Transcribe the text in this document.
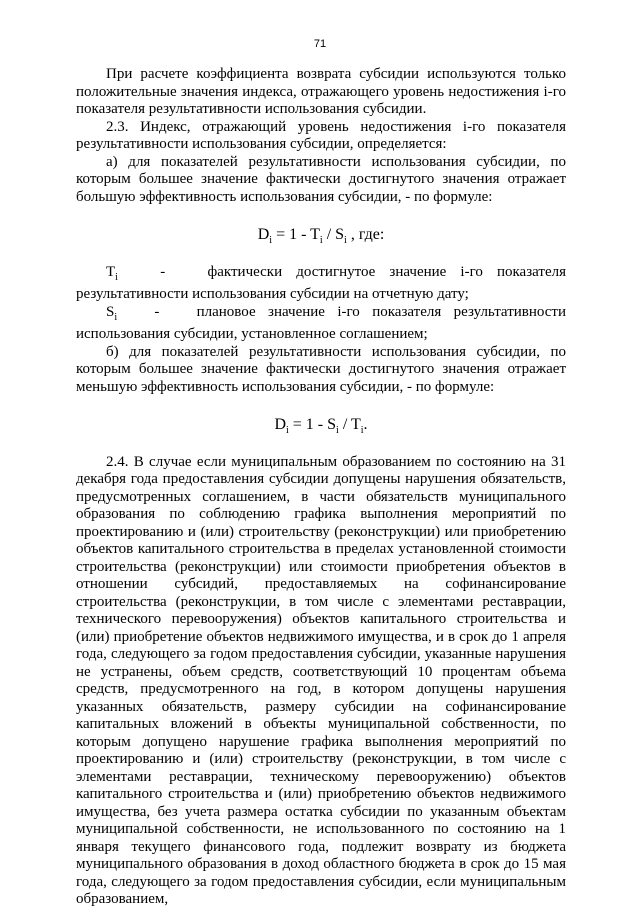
71

При расчете коэффициента возврата субсидии используются только положительные значения индекса, отражающего уровень недостижения i-го показателя результативности использования субсидии.

2.3. Индекс, отражающий уровень недостижения i-го показателя результативности использования субсидии, определяется:

а) для показателей результативности использования субсидии, по которым большее значение фактически достигнутого значения отражает большую эффективность использования субсидии, - по формуле:

$D_i = 1 - T_i / S_i$ , где:

$T_i$	-	фактически достигнутое значение i-го показателя

результативности использования субсидии на отчетную дату;

$S_i$ - плановое значение i-го показателя результативности

использования субсидии, установленное соглашением;

б) для показателей результативности использования субсидии, по которым большее значение фактически достигнутого значения отражает меньшую эффективность использования субсидии, - по формуле:

$D_i = 1 - S_i / T_i$.

2.4. В случае если муниципальным образованием по состоянию на 31 декабря года предоставления субсидии допущены нарушения обязательств, предусмотренных соглашением, в части обязательств муниципального образования по соблюдению графика выполнения мероприятий по проектированию и (или) строительству (реконструкции) или приобретению объектов капитального строительства в пределах установленной стоимости строительства (реконструкции) или стоимости приобретения объектов в отношении субсидий, предоставляемых на софинансирование строительства (реконструкции, в том числе с элементами реставрации, технического перевооружения) объектов капитального строительства и (или) приобретение объектов недвижимого имущества, и в срок до 1 апреля года, следующего за годом предоставления субсидии, указанные нарушения не устранены, объем средств, соответствующий 10 процентам объема средств, предусмотренного на год, в котором допущены нарушения указанных обязательств, размеру субсидии на софинансирование капитальных вложений в объекты муниципальной собственности, по которым допущено нарушение графика выполнения мероприятий по проектированию и (или) строительству (реконструкции, в том числе с элементами реставрации, техническому перевооружению) объектов капитального строительства и (или) приобретению объектов недвижимого имущества, без учета размера остатка субсидии по указанным объектам муниципальной собственности, не использованного по состоянию на 1 января текущего финансового года, подлежит возврату из бюджета муниципального образования в доход областного бюджета в срок до 15 мая года, следующего за годом предоставления субсидии, если муниципальным образованием,
